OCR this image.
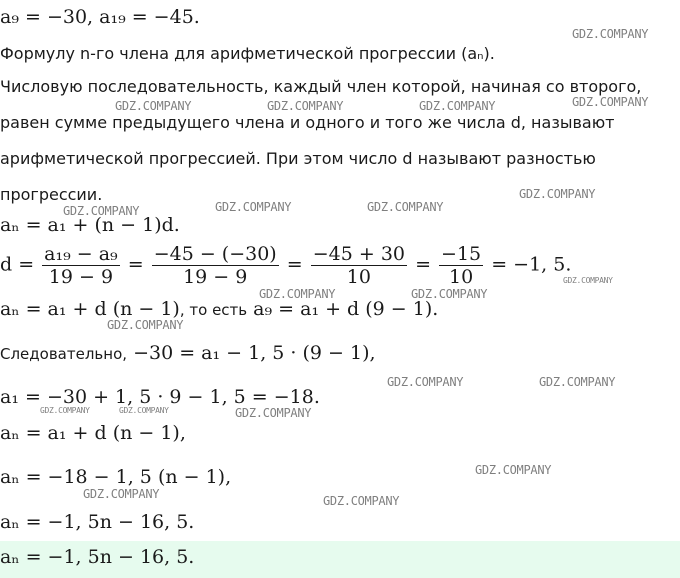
a₉ = −30, a₁₉ = −45.
Формулу n-го члена для арифметической прогрессии (aₙ).
Числовую последовательность, каждый член которой, начиная со второго,
равен сумме предыдущего члена и одного и того же числа d, называют
арифметической прогрессией. При этом число d называют разностью
прогрессии.
aₙ = a₁ + (n − 1)d.
$d = \frac{\text{a₁₉ − a₉}}{19 - 9} = \frac{-45 - (-30)}{19 - 9} = \frac{-45 + 30}{10} = \frac{-15}{10} = -1$, 5.
aₙ = a₁ + d (n − 1), то есть a₉ = a₁ + d (9 − 1).
Следовательно, −30 = a₁ − 1, 5 · (9 − 1),
a₁ = −30 + 1, 5 · 9 − 1, 5 = −18.
aₙ = a₁ + d (n − 1),
aₙ = −18 − 1, 5 (n − 1),
aₙ = −1, 5n − 16, 5.
aₙ = −1, 5n − 16, 5.
GDZ.COMPANY
GDZ.COMPANY
GDZ.COMPANY	GDZ.COMPANY	GDZ.COMPANY
GDZ.COMPANY
GDZ.COMPANY	GDZ.COMPANY	GDZ.COMPANY
GDZ.COMPANY
GDZ.COMPANY	GDZ.COMPANY
GDZ.COMPANY
GDZ.COMPANY	GDZ.COMPANY
GDZ.COMPANY	GDZ.COMPANY	GDZ.COMPANY
GDZ.COMPANY
GDZ.COMPANY	GDZ.COMPANY
